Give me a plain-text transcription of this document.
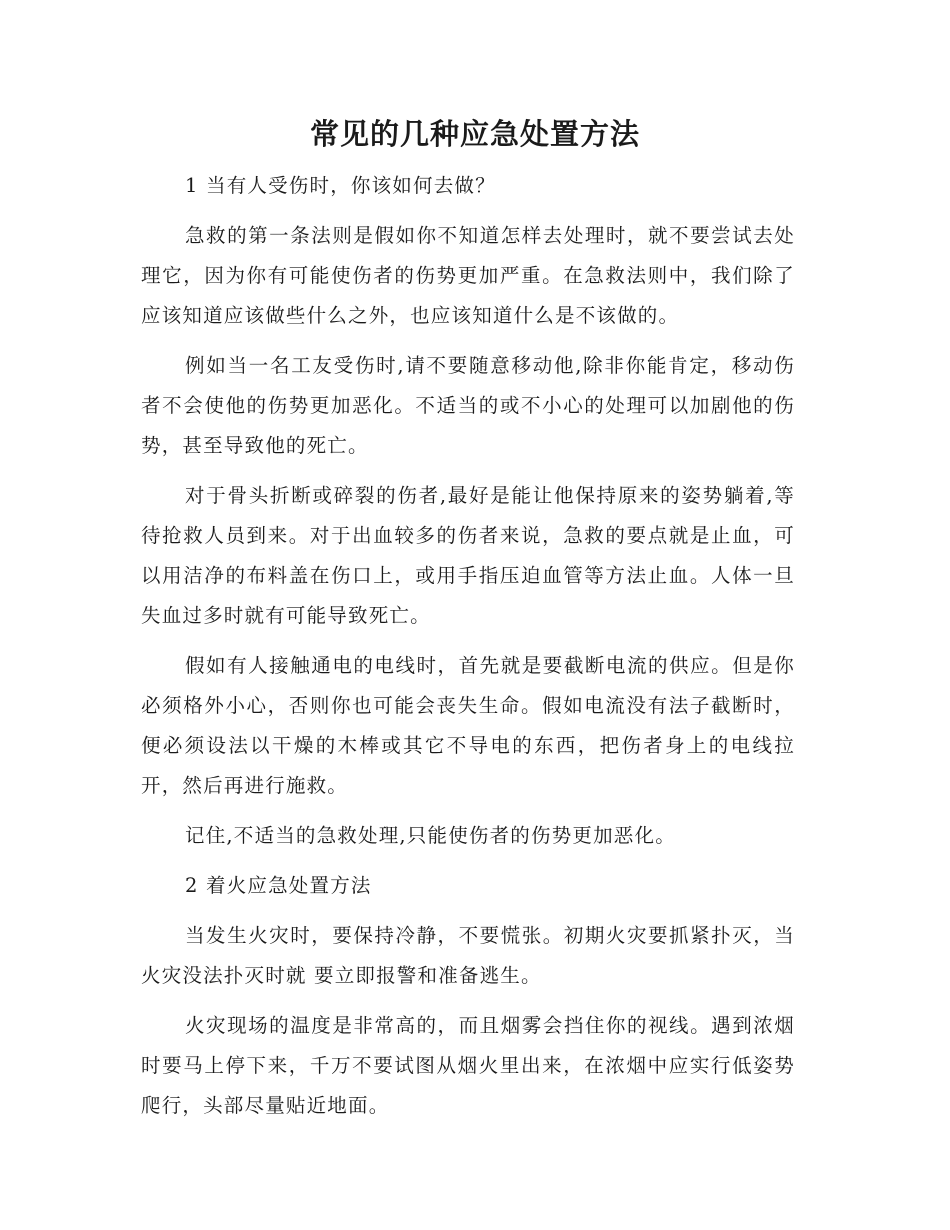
常见的几种应急处置方法

1 当有人受伤时，你该如何去做？

急救的第一条法则是假如你不知道怎样去处理时，就不要尝试去处理它，因为你有可能使伤者的伤势更加严重。在急救法则中，我们除了应该知道应该做些什么之外，也应该知道什么是不该做的。

例如当一名工友受伤时,请不要随意移动他,除非你能肯定，移动伤者不会使他的伤势更加恶化。不适当的或不小心的处理可以加剧他的伤势，甚至导致他的死亡。

对于骨头折断或碎裂的伤者,最好是能让他保持原来的姿势躺着,等待抢救人员到来。对于出血较多的伤者来说，急救的要点就是止血，可以用洁净的布料盖在伤口上，或用手指压迫血管等方法止血。人体一旦失血过多时就有可能导致死亡。

假如有人接触通电的电线时，首先就是要截断电流的供应。但是你必须格外小心，否则你也可能会丧失生命。假如电流没有法子截断时，便必须设法以干燥的木棒或其它不导电的东西，把伤者身上的电线拉开，然后再进行施救。

记住,不适当的急救处理,只能使伤者的伤势更加恶化。

2 着火应急处置方法

当发生火灾时，要保持冷静，不要慌张。初期火灾要抓紧扑灭，当火灾没法扑灭时就 要立即报警和准备逃生。

火灾现场的温度是非常高的，而且烟雾会挡住你的视线。遇到浓烟时要马上停下来，千万不要试图从烟火里出来，在浓烟中应实行低姿势爬行，头部尽量贴近地面。
